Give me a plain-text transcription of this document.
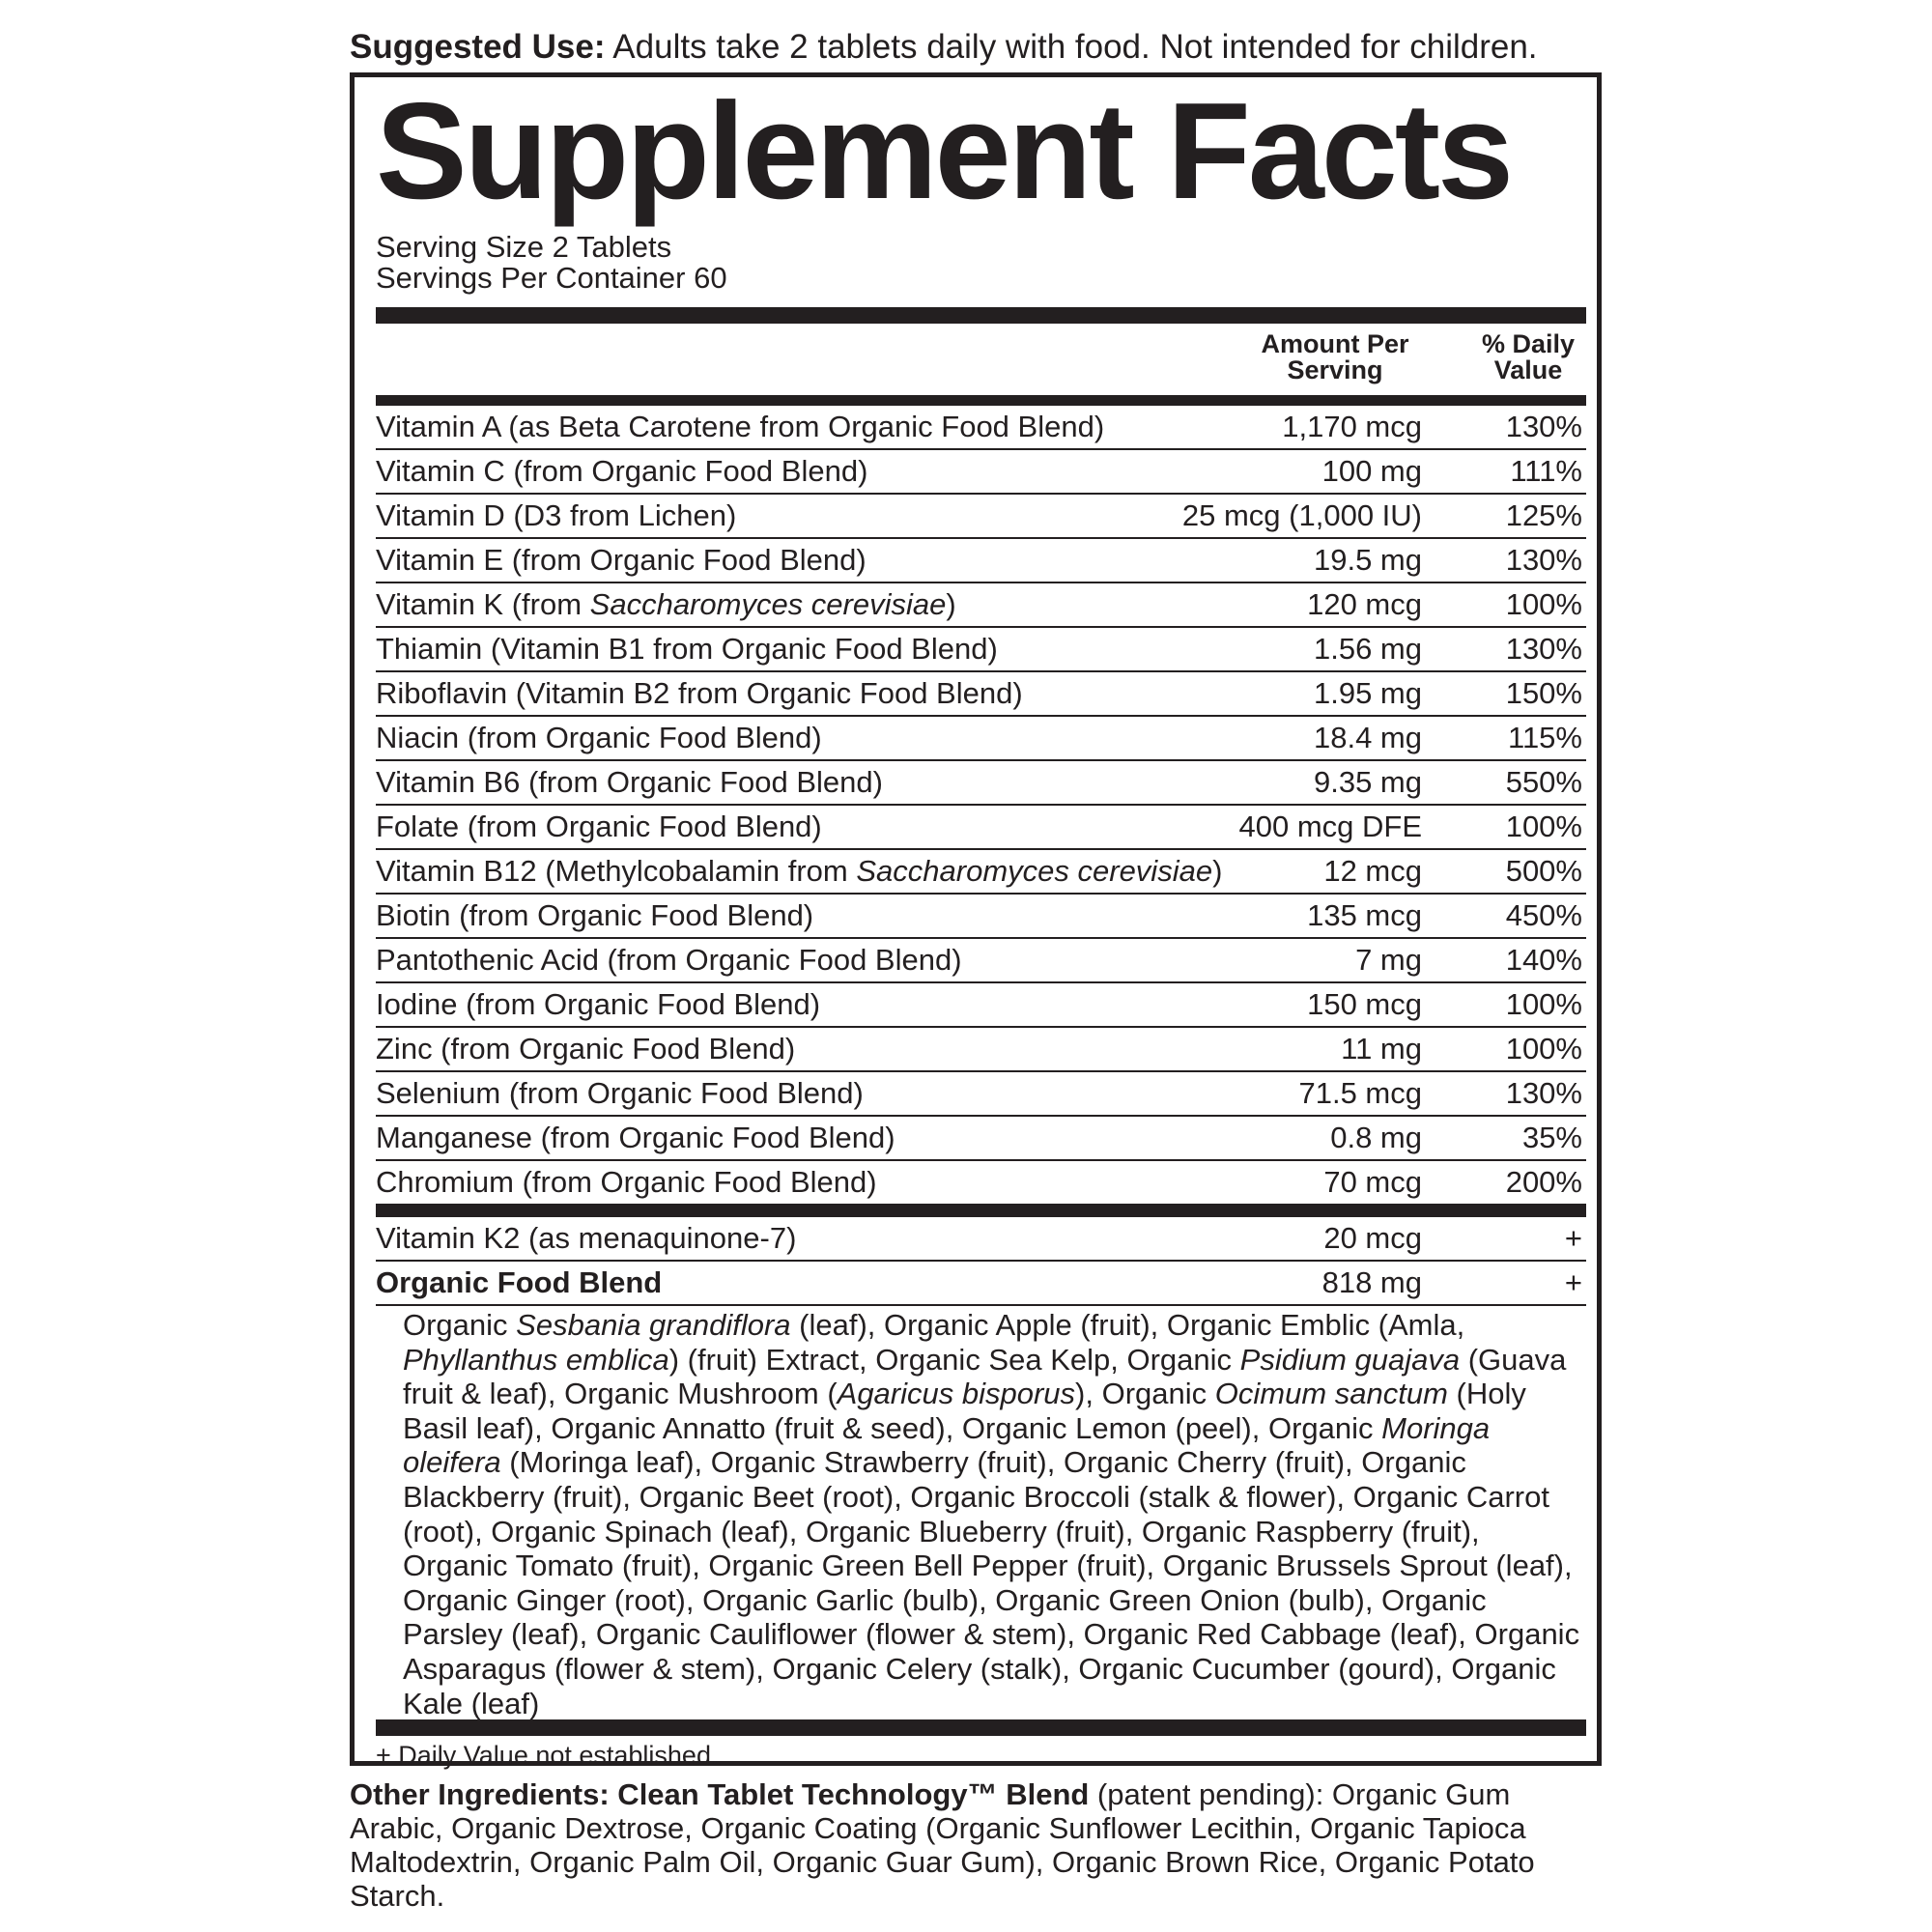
Suggested Use: Adults take 2 tablets daily with food. Not intended for children.
Supplement Facts
Serving Size 2 Tablets
Servings Per Container 60
Amount Per
Serving
% Daily
Value
Vitamin A (as Beta Carotene from Organic Food Blend)	1,170 mcg	130%
Vitamin C (from Organic Food Blend)	100 mg	111%
Vitamin D (D3 from Lichen)	25 mcg (1,000 IU)	125%
Vitamin E (from Organic Food Blend)	19.5 mg	130%
Vitamin K (from Saccharomyces cerevisiae)	120 mcg	100%
Thiamin (Vitamin B1 from Organic Food Blend)	1.56 mg	130%
Riboflavin (Vitamin B2 from Organic Food Blend)	1.95 mg	150%
Niacin (from Organic Food Blend)	18.4 mg	115%
Vitamin B6 (from Organic Food Blend)	9.35 mg	550%
Folate (from Organic Food Blend)	400 mcg DFE	100%
Vitamin B12 (Methylcobalamin from Saccharomyces cerevisiae)	12 mcg	500%
Biotin (from Organic Food Blend)	135 mcg	450%
Pantothenic Acid (from Organic Food Blend)	7 mg	140%
Iodine (from Organic Food Blend)	150 mcg	100%
Zinc (from Organic Food Blend)	11 mg	100%
Selenium (from Organic Food Blend)	71.5 mcg	130%
Manganese (from Organic Food Blend)	0.8 mg	35%
Chromium (from Organic Food Blend)	70 mcg	200%
Vitamin K2 (as menaquinone-7)	20 mcg	+
Organic Food Blend	818 mg	+
Organic Sesbania grandiflora (leaf), Organic Apple (fruit), Organic Emblic (Amla, Phyllanthus emblica) (fruit) Extract, Organic Sea Kelp, Organic Psidium guajava (Guava fruit & leaf), Organic Mushroom (Agaricus bisporus), Organic Ocimum sanctum (Holy Basil leaf), Organic Annatto (fruit & seed), Organic Lemon (peel), Organic Moringa oleifera (Moringa leaf), Organic Strawberry (fruit), Organic Cherry (fruit), Organic Blackberry (fruit), Organic Beet (root), Organic Broccoli (stalk & flower), Organic Carrot (root), Organic Spinach (leaf), Organic Blueberry (fruit), Organic Raspberry (fruit), Organic Tomato (fruit), Organic Green Bell Pepper (fruit), Organic Brussels Sprout (leaf), Organic Ginger (root), Organic Garlic (bulb), Organic Green Onion (bulb), Organic Parsley (leaf), Organic Cauliflower (flower & stem), Organic Red Cabbage (leaf), Organic Asparagus (flower & stem), Organic Celery (stalk), Organic Cucumber (gourd), Organic Kale (leaf)
+ Daily Value not established.
Other Ingredients: Clean Tablet Technology™ Blend (patent pending): Organic Gum Arabic, Organic Dextrose, Organic Coating (Organic Sunflower Lecithin, Organic Tapioca Maltodextrin, Organic Palm Oil, Organic Guar Gum), Organic Brown Rice, Organic Potato Starch.
